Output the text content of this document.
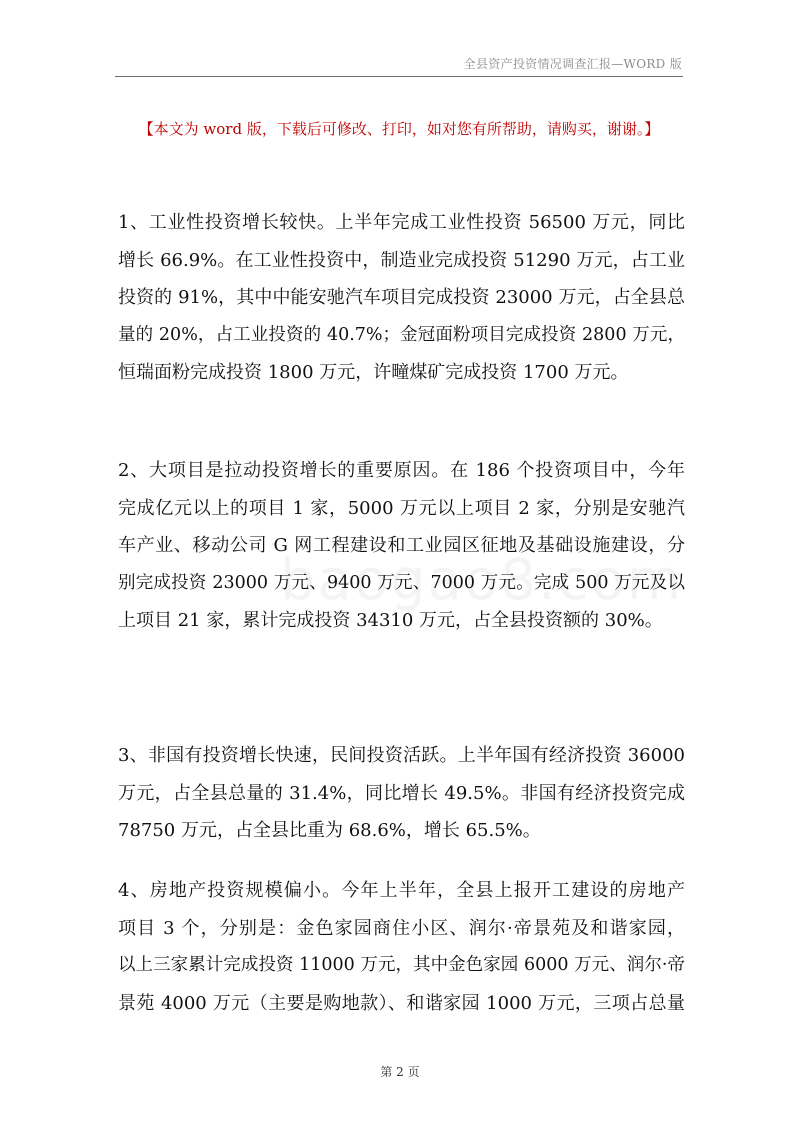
全县资产投资情况调查汇报—WORD 版
【本文为 word 版，下载后可修改、打印，如对您有所帮助，请购买，谢谢。】
1、工业性投资增长较快。上半年完成工业性投资 56500 万元，同比
增长 66.9%。在工业性投资中，制造业完成投资 51290 万元，占工业
投资的 91%，其中中能安驰汽车项目完成投资 23000 万元，占全县总
量的 20%，占工业投资的 40.7%；金冠面粉项目完成投资 2800 万元，
恒瑞面粉完成投资 1800 万元，许疃煤矿完成投资 1700 万元。
2、大项目是拉动投资增长的重要原因。在 186 个投资项目中，今年
完成亿元以上的项目 1 家，5000 万元以上项目 2 家，分别是安驰汽
车产业、移动公司 G 网工程建设和工业园区征地及基础设施建设，分
别完成投资 23000 万元、9400 万元、7000 万元。完成 500 万元及以
上项目 21 家，累计完成投资 34310 万元，占全县投资额的 30%。
3、非国有投资增长快速，民间投资活跃。上半年国有经济投资 36000
万元，占全县总量的 31.4%，同比增长 49.5%。非国有经济投资完成
78750 万元，占全县比重为 68.6%，增长 65.5%。
4、房地产投资规模偏小。今年上半年，全县上报开工建设的房地产
项目 3 个，分别是：金色家园商住小区、润尔·帝景苑及和谐家园，
以上三家累计完成投资 11000 万元，其中金色家园 6000 万元、润尔·帝
景苑 4000 万元（主要是购地款）、和谐家园 1000 万元，三项占总量
第 2 页
